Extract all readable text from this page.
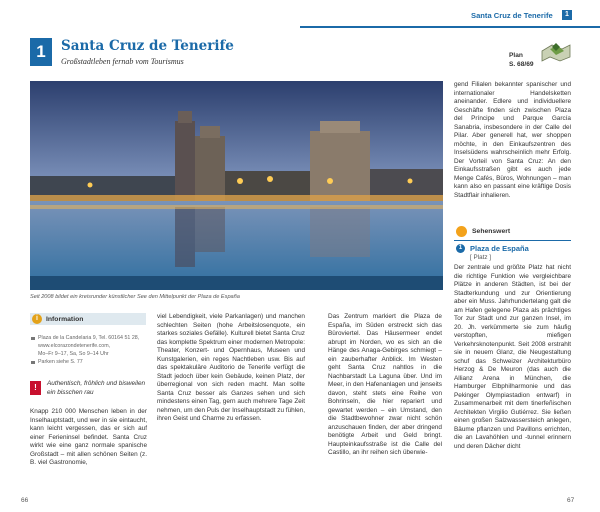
Santa Cruz de Tenerife	1
1	Santa Cruz de Tenerife
Großstadtleben fernab vom Tourismus
Plan
S. 68/69
Seit 2008 bildet ein kreisrunder künstlicher See den Mittelpunkt der Plaza de España
i	Information
Plaza de la Candelaria 9, Tel. 60164 51 28,
www.elcorazondetenerife.com,
Mo–Fr 9–17, Sa, So 9–14 Uhr
Parken siehe S. 77
!	Authentisch, fröhlich und bisweilen ein bisschen rau
Knapp 210 000 Menschen leben in der Inselhauptstadt, und wer in sie eintaucht, kann leicht vergessen, das er sich auf einer Ferieninsel befindet. Santa Cruz wirkt wie eine ganz normale spanische Großstadt – mit allen schönen Seiten (z. B. viel Gastronomie,
viel Lebendigkeit, viele Parkanlagen) und manchen schlechten Seiten (hohe Arbeitslosenquote, ein starkes soziales Gefälle). Kulturell bietet Santa Cruz das komplette Spektrum einer modernen Metropole: Theater, Konzert- und Opernhaus, Museen und Kunstgalerien, ein reges Nachtleben usw. Bis auf das spektakuläre Auditorio de Tenerife verfügt die Stadt jedoch über kein Gebäude, keinen Platz, der überregional von sich reden macht. Man sollte Santa Cruz besser als Ganzes sehen und sich mindestens einen Tag, gern auch mehrere Tage Zeit nehmen, um den Puls der Inselhauptstadt zu fühlen, ihren Geist und Charme zu erfassen.
Das Zentrum markiert die Plaza de España, im Süden erstreckt sich das Büroviertel. Das Häusermeer endet abrupt im Norden, wo es sich an die Hänge des Anaga-Gebirges schmiegt – ein zauberhafter Anblick. Im Westen geht Santa Cruz nahtlos in die Nachbarstadt La Laguna über. Und im Meer, in den Hafenanlagen und jenseits davon, steht stets eine Reihe von Bohrinseln, die hier repariert und gewartet werden – ein Umstand, den die Stadtbewohner zwar nicht schön anzuschauen finden, der aber dringend benötigte Arbeit und Geld bringt. Haupteinkaufsstraße ist die Calle del Castillo, an ihr reihen sich überwie-
gend Filialen bekannter spanischer und internationaler Handelsketten aneinander. Edlere und individuellere Geschäfte finden sich zwischen Plaza del Príncipe und Parque García Sanabria, insbesondere in der Calle del Pilar. Aber generell hat, wer shoppen möchte, in den Einkaufszentren des Inselsüdens wahrscheinlich mehr Erfolg. Der Vorteil von Santa Cruz: An den Einkaufsstraßen gibt es auch jede Menge Cafés, Büros, Wohnungen – man kann also en passant eine kräftige Dosis Stadtflair inhalieren.
Sehenswert
1	Plaza de España
[ Platz ]
Der zentrale und größte Platz hat nicht die richtige Funktion wie vergleichbare Plätze in anderen Städten, ist bei der Stadterkundung und zur Orientierung aber ein Muss. Jahrhundertelang galt die am Hafen gelegene Plaza als prächtiges Tor zur Stadt und zur ganzen Insel, im 20. Jh. verkümmerte sie zum häufig verstopften, miefigen Verkehrsknotenpunkt. Seit 2008 erstrahlt sie in neuem Glanz, die Neugestaltung schuf das Schweizer Architekturbüro Herzog & De Meuron (das auch die Allianz Arena in München, die Hamburger Elbphilharmonie und das Pekinger Olympiastadion entwarf) in Zusammenarbeit mit dem tinerfeñischen Architekten Virgilio Gutiérrez. Sie ließen einen großen Salzwassersteich anlegen, Bäume pflanzen und Pavillons errichten, die an Lavahöhlen und -tunnel erinnern und deren Dächer dicht
66	67
